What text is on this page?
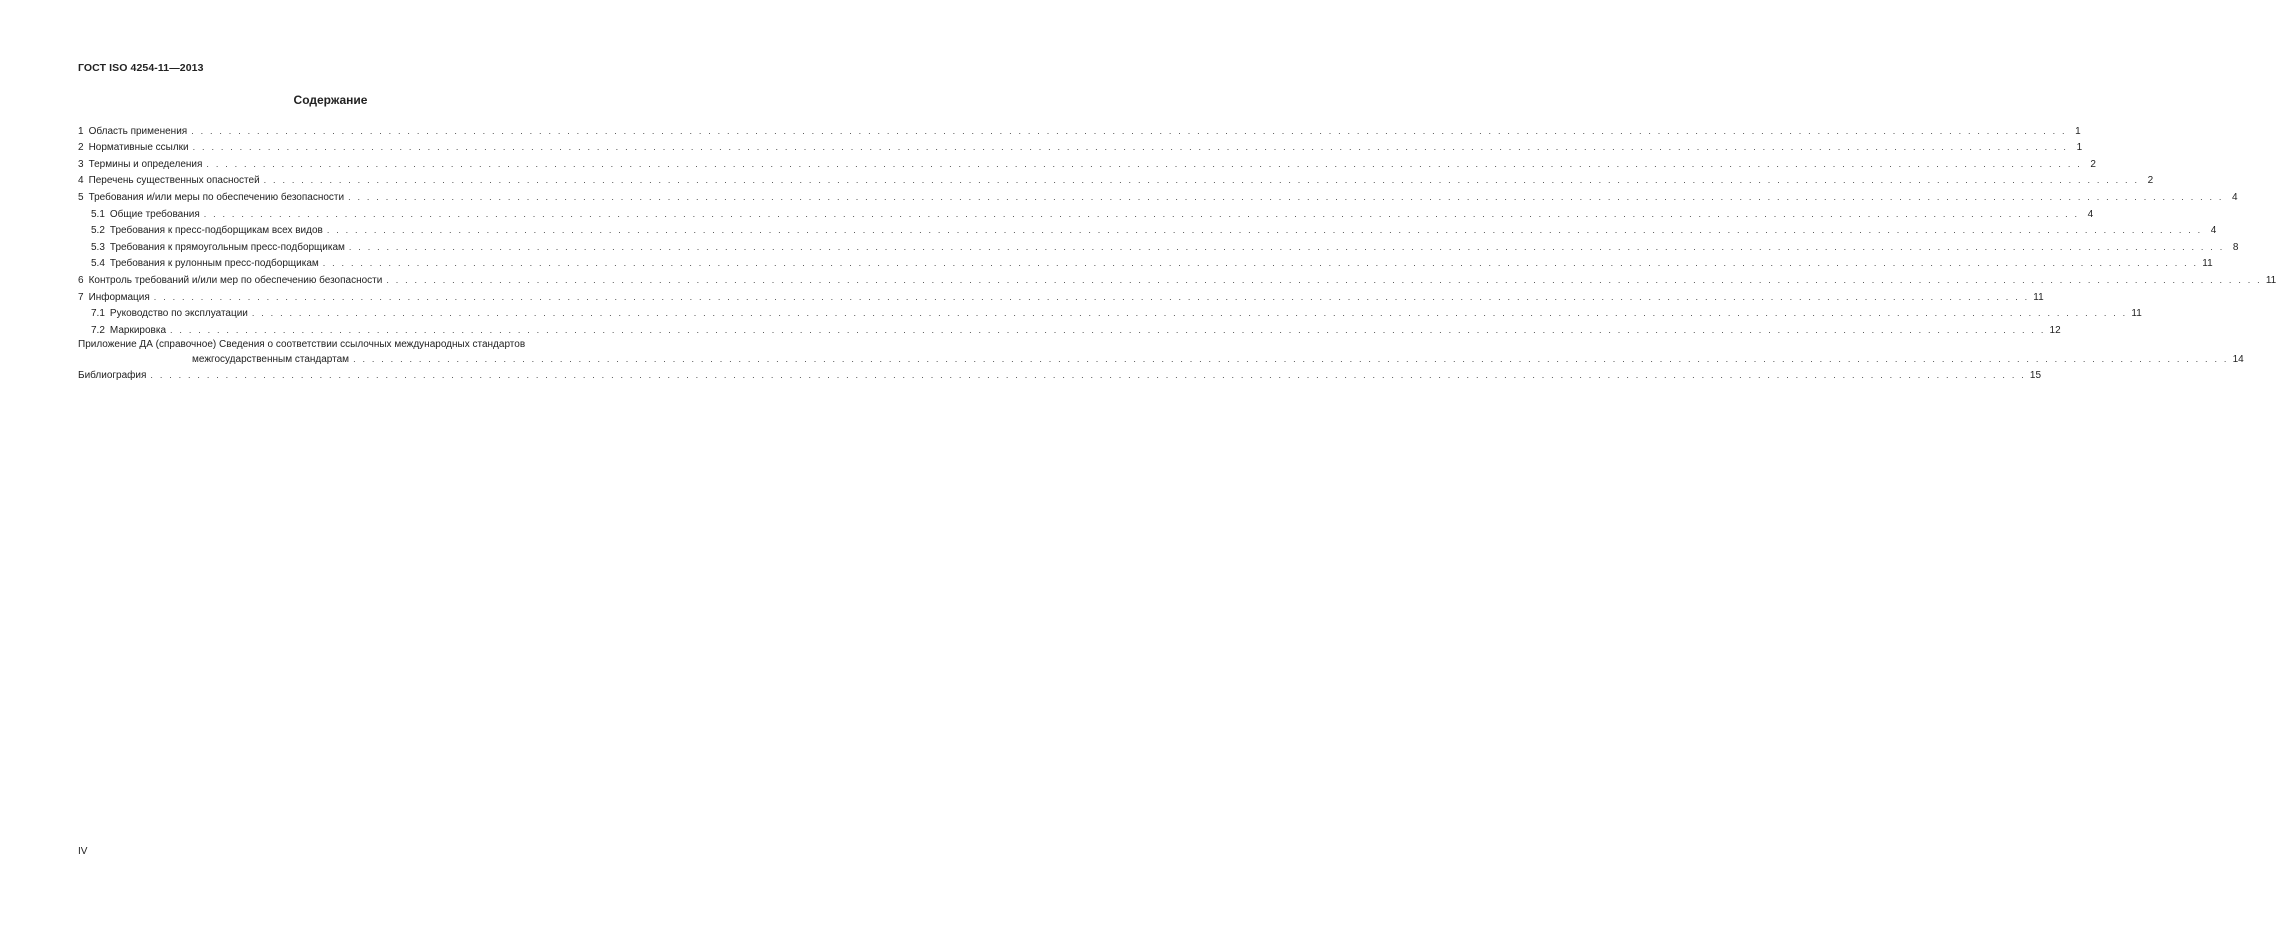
ГОСТ ISO 4254-11—2013
Содержание
1 Область применения . . . . . . . . . . . . . . . . . . . . . . . . . . . . . . . . . . . . . . . . . . . . . . . . . . . . . . . . . . . . . . . . . . . . . . . . . . . . . . . . . . . . . . . . . . . . . . . . . . . . . . . . . . . . . . . . . . . . . . . . . . . . . . . . . . . . . . . . . . . . . . . . . . . . . . . . . . . . . . . . . . . . . . . . . . . . . . . . . . . . . . . . . . . . . . . . . . . . . . . . 1
2 Нормативные ссылки . . . . . . . . . . . . . . . . . . . . . . . . . . . . . . . . . . . . . . . . . . . . . . . . . . . . . . . . . . . . . . . . . . . . . . . . . . . . . . . . . . . . . . . . . . . . . . . . . . . . . . . . . . . . . . . . . . . . . . . . . . . . . . . . . . . . . . . . . . . . . . . . . . . . . . . . . . . . . . . . . . . . . . . . . . . . . . . . . . . . . . . . . . . . . . . . . . . . . . . . 1
3 Термины и определения . . . . . . . . . . . . . . . . . . . . . . . . . . . . . . . . . . . . . . . . . . . . . . . . . . . . . . . . . . . . . . . . . . . . . . . . . . . . . . . . . . . . . . . . . . . . . . . . . . . . . . . . . . . . . . . . . . . . . . . . . . . . . . . . . . . . . . . . . . . . . . . . . . . . . . . . . . . . . . . . . . . . . . . . . . . . . . . . . . . . . . . . . . . . . . . . . . . . . . . . 2
4 Перечень существенных опасностей . . . . . . . . . . . . . . . . . . . . . . . . . . . . . . . . . . . . . . . . . . . . . . . . . . . . . . . . . . . . . . . . . . . . . . . . . . . . . . . . . . . . . . . . . . . . . . . . . . . . . . . . . . . . . . . . . . . . . . . . . . . . . . . . . . . . . . . . . . . . . . . . . . . . . . . . . . . . . . . . . . . . . . . . . . . . . . . . . . . . . . . . . . . . . . . . . . . . . . . . 2
5 Требования и/или меры по обеспечению безопасности . . . . . . . . . . . . . . . . . . . . . . . . . . . . . . . . . . . . . . . . . . . . . . . . . . . . . . . . . . . . . . . . . . . . . . . . . . . . . . . . . . . . . . . . . . . . . . . . . . . . . . . . . . . . . . . . . . . . . . . . . . . . . . . . . . . . . . . . . . . . . . . . . . . . . . . . . . . . . . . . . . . . . . . . . . . . . . . . . . . . . . . . . . . . . . . . . . . . . . . . 4
5.1 Общие требования . . . . . . . . . . . . . . . . . . . . . . . . . . . . . . . . . . . . . . . . . . . . . . . . . . . . . . . . . . . . . . . . . . . . . . . . . . . . . . . . . . . . . . . . . . . . . . . . . . . . . . . . . . . . . . . . . . . . . . . . . . . . . . . . . . . . . . . . . . . . . . . . . . . . . . . . . . . . . . . . . . . . . . . . . . . . . . . . . . . . . . . . . . . . . . . . . . . . . . . . 4
5.2 Требования к пресс-подборщикам всех видов . . . . . . . . . . . . . . . . . . . . . . . . . . . . . . . . . . . . . . . . . . . . . . . . . . . . . . . . . . . . . . . . . . . . . . . . . . . . . . . . . . . . . . . . . . . . . . . . . . . . . . . . . . . . . . . . . . . . . . . . . . . . . . . . . . . . . . . . . . . . . . . . . . . . . . . . . . . . . . . . . . . . . . . . . . . . . . . . . . . . . . . . . . . . . . . . . . . . . . . . 4
5.3 Требования к прямоугольным пресс-подборщикам . . . . . . . . . . . . . . . . . . . . . . . . . . . . . . . . . . . . . . . . . . . . . . . . . . . . . . . . . . . . . . . . . . . . . . . . . . . . . . . . . . . . . . . . . . . . . . . . . . . . . . . . . . . . . . . . . . . . . . . . . . . . . . . . . . . . . . . . . . . . . . . . . . . . . . . . . . . . . . . . . . . . . . . . . . . . . . . . . . . . . . . . . . . . . . . . . . . . . . . . 8
5.4 Требования к рулонным пресс-подборщикам . . . . . . . . . . . . . . . . . . . . . . . . . . . . . . . . . . . . . . . . . . . . . . . . . . . . . . . . . . . . . . . . . . . . . . . . . . . . . . . . . . . . . . . . . . . . . . . . . . . . . . . . . . . . . . . . . . . . . . . . . . . . . . . . . . . . . . . . . . . . . . . . . . . . . . . . . . . . . . . . . . . . . . . . . . . . . . . . . . . . . . . . . . . . . . . . . . . . . . . . 11
6 Контроль требований и/или мер по обеспечению безопасности . . . . . . . . . . . . . . . . . . . . . . . . . . . . . . . . . . . . . . . . . . . . . . . . . . . . . . . . . . . . . . . . . . . . . . . . . . . . . . . . . . . . . . . . . . . . . . . . . . . . . . . . . . . . . . . . . . . . . . . . . . . . . . . . . . . . . . . . . . . . . . . . . . . . . . . . . . . . . . . . . . . . . . . . . . . . . . . . . . . . . . . . . . . . . . . . . . . . . . . . 11
7 Информация . . . . . . . . . . . . . . . . . . . . . . . . . . . . . . . . . . . . . . . . . . . . . . . . . . . . . . . . . . . . . . . . . . . . . . . . . . . . . . . . . . . . . . . . . . . . . . . . . . . . . . . . . . . . . . . . . . . . . . . . . . . . . . . . . . . . . . . . . . . . . . . . . . . . . . . . . . . . . . . . . . . . . . . . . . . . . . . . . . . . . . . . . . . . . . . . . . . . . . . . 11
7.1 Руководство по эксплуатации . . . . . . . . . . . . . . . . . . . . . . . . . . . . . . . . . . . . . . . . . . . . . . . . . . . . . . . . . . . . . . . . . . . . . . . . . . . . . . . . . . . . . . . . . . . . . . . . . . . . . . . . . . . . . . . . . . . . . . . . . . . . . . . . . . . . . . . . . . . . . . . . . . . . . . . . . . . . . . . . . . . . . . . . . . . . . . . . . . . . . . . . . . . . . . . . . . . . . . . . 11
7.2 Маркировка . . . . . . . . . . . . . . . . . . . . . . . . . . . . . . . . . . . . . . . . . . . . . . . . . . . . . . . . . . . . . . . . . . . . . . . . . . . . . . . . . . . . . . . . . . . . . . . . . . . . . . . . . . . . . . . . . . . . . . . . . . . . . . . . . . . . . . . . . . . . . . . . . . . . . . . . . . . . . . . . . . . . . . . . . . . . . . . . . . . . . . . . . . . . . . . . . . . . . . . . 12
Приложение ДА (справочное) Сведения о соответствии ссылочных международных стандартов
межгосударственным стандартам . . . . . . . . . . . . . . . . . . . . . . . . . . . . . . . . . . . . . . . . . . . . . . . . . . . . . . . . . . . . . . . . . . . . . . . . . . . . . . . . . . . . . . . . . . . . . . . . . . . . . . . . . . . . . . . . . . . . . . . . . . . . . . . . . . . . . . . . . . . . . . . . . . . . . . . . . . . . . . . . . . . . . . . . . . . . . . . . . . . . . . . . . . . . . . . . . . . . . . . . 14
Библиография . . . . . . . . . . . . . . . . . . . . . . . . . . . . . . . . . . . . . . . . . . . . . . . . . . . . . . . . . . . . . . . . . . . . . . . . . . . . . . . . . . . . . . . . . . . . . . . . . . . . . . . . . . . . . . . . . . . . . . . . . . . . . . . . . . . . . . . . . . . . . . . . . . . . . . . . . . . . . . . . . . . . . . . . . . . . . . . . . . . . . . . . . . . . . . . . . . . . . . . . 15
IV
